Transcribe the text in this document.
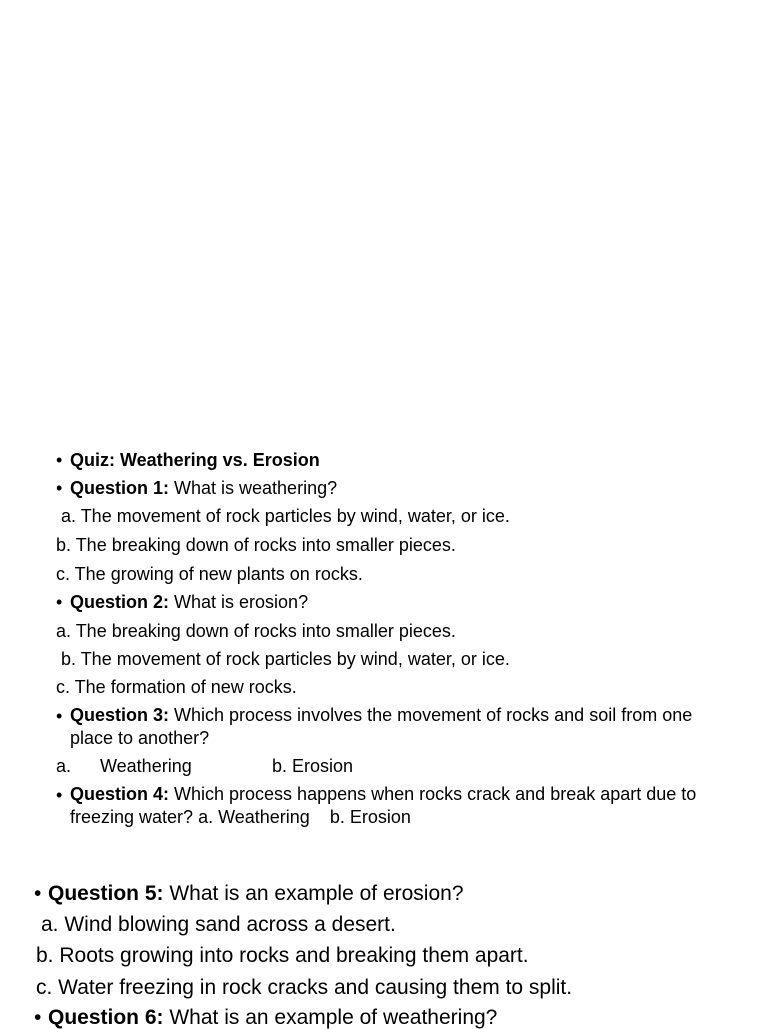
• Quiz: Weathering vs. Erosion
• Question 1: What is weathering?
a. The movement of rock particles by wind, water, or ice.
b. The breaking down of rocks into smaller pieces.
c. The growing of new plants on rocks.
• Question 2: What is erosion?
a. The breaking down of rocks into smaller pieces.
b. The movement of rock particles by wind, water, or ice.
c. The formation of new rocks.
• Question 3: Which process involves the movement of rocks and soil from one place to another?
a. Weathering	b. Erosion
• Question 4: Which process happens when rocks crack and break apart due to freezing water? a. Weathering b. Erosion
• Question 5: What is an example of erosion?
a. Wind blowing sand across a desert.
b. Roots growing into rocks and breaking them apart.
c. Water freezing in rock cracks and causing them to split.
• Question 6: What is an example of weathering?
